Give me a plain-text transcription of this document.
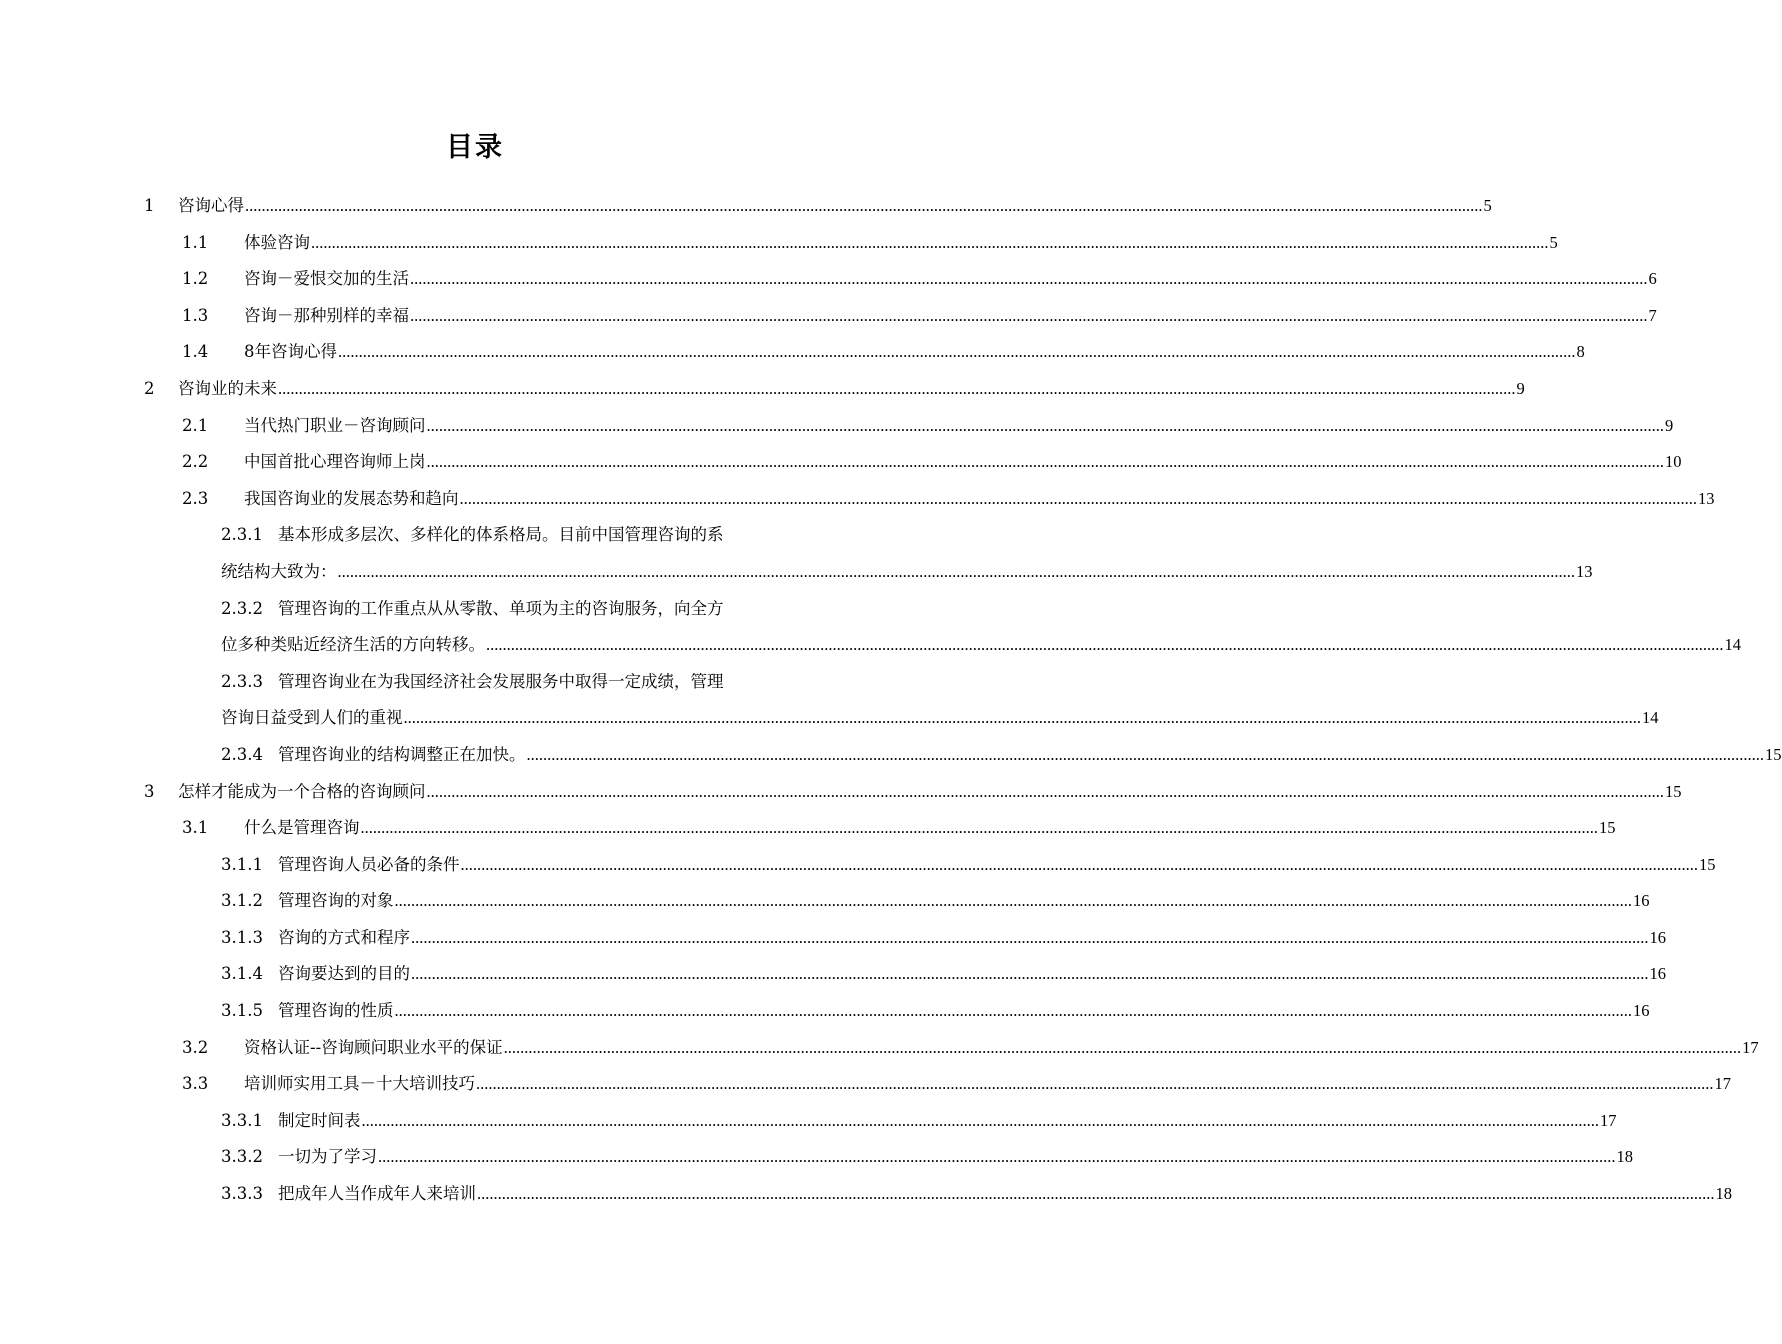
目录
1 咨询心得 ............................................................................................................................................................................................................................................................................................................ 5
1.1 体验咨询 ............................................................................................................................................................................................................................................................................................................ 5
1.2 咨询－爱恨交加的生活 ............................................................................................................................................................................................................................................................................................................ 6
1.3 咨询－那种别样的幸福 ............................................................................................................................................................................................................................................................................................................ 7
1.4 8年咨询心得 ............................................................................................................................................................................................................................................................................................................ 8
2 咨询业的未来 ............................................................................................................................................................................................................................................................................................................ 9
2.1 当代热门职业－咨询顾问 ............................................................................................................................................................................................................................................................................................................ 9
2.2 中国首批心理咨询师上岗 ............................................................................................................................................................................................................................................................................................................ 10
2.3 我国咨询业的发展态势和趋向 ............................................................................................................................................................................................................................................................................................................ 13
2.3.1 基本形成多层次、多样化的体系格局。目前中国管理咨询的系
统结构大致为： ............................................................................................................................................................................................................................................................................................................ 13
2.3.2 管理咨询的工作重点从从零散、单项为主的咨询服务，向全方
位多种类贴近经济生活的方向转移。 ............................................................................................................................................................................................................................................................................................................ 14
2.3.3 管理咨询业在为我国经济社会发展服务中取得一定成绩，管理
咨询日益受到人们的重视 ............................................................................................................................................................................................................................................................................................................ 14
2.3.4 管理咨询业的结构调整正在加快。 ............................................................................................................................................................................................................................................................................................................ 15
3 怎样才能成为一个合格的咨询顾问 ............................................................................................................................................................................................................................................................................................................ 15
3.1 什么是管理咨询 ............................................................................................................................................................................................................................................................................................................ 15
3.1.1 管理咨询人员必备的条件 ............................................................................................................................................................................................................................................................................................................ 15
3.1.2 管理咨询的对象 ............................................................................................................................................................................................................................................................................................................ 16
3.1.3 咨询的方式和程序 ............................................................................................................................................................................................................................................................................................................ 16
3.1.4 咨询要达到的目的 ............................................................................................................................................................................................................................................................................................................ 16
3.1.5 管理咨询的性质 ............................................................................................................................................................................................................................................................................................................ 16
3.2 资格认证--咨询顾问职业水平的保证 ............................................................................................................................................................................................................................................................................................................ 17
3.3 培训师实用工具－十大培训技巧 ............................................................................................................................................................................................................................................................................................................ 17
3.3.1 制定时间表 ............................................................................................................................................................................................................................................................................................................ 17
3.3.2 一切为了学习 ............................................................................................................................................................................................................................................................................................................ 18
3.3.3 把成年人当作成年人来培训 ............................................................................................................................................................................................................................................................................................................ 18
